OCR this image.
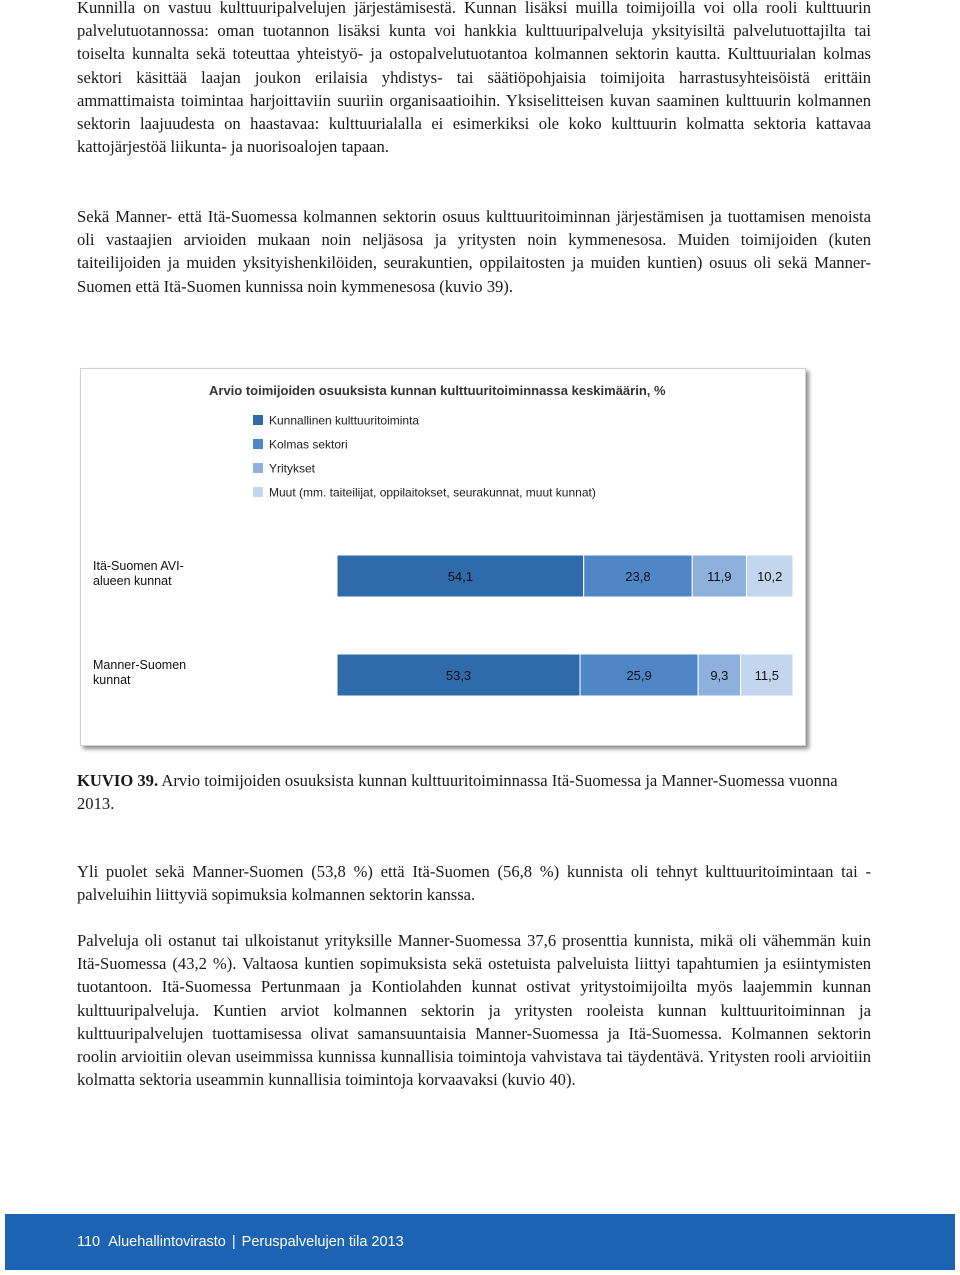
Kunnilla on vastuu kulttuuripalvelujen järjestämisestä. Kunnan lisäksi muilla toimijoilla voi olla rooli kulttuurin palvelutuotannossa: oman tuotannon lisäksi kunta voi hankkia kulttuuripalveluja yksityisiltä palvelutuottajilta tai toiselta kunnalta sekä toteuttaa yhteistyö- ja ostopalvelutuotantoa kolmannen sektorin kautta. Kulttuurialan kolmas sektori käsittää laajan joukon erilaisia yhdistys- tai säätiöpohjaisia toimijoita harrastusyhteisöistä erittäin ammattimaista toimintaa harjoittaviin suuriin organisaatioihin. Yksiselitteisen kuvan saaminen kulttuurin kolmannen sektorin laajuudesta on haastavaa: kulttuurialalla ei esimerkiksi ole koko kulttuurin kolmatta sektoria kattavaa kattojärjestöä liikunta- ja nuorisoalojen tapaan.

Sekä Manner- että Itä-Suomessa kolmannen sektorin osuus kulttuuritoiminnan järjestämisen ja tuottamisen menoista oli vastaajien arvioiden mukaan noin neljäsosa ja yritysten noin kymmenesosa. Muiden toimijoiden (kuten taiteilijoiden ja muiden yksityishenkilöiden, seurakuntien, oppilaitosten ja muiden kuntien) osuus oli sekä Manner-Suomen että Itä-Suomen kunnissa noin kymmenesosa (kuvio 39).

Arvio toimijoiden osuuksista kunnan kulttuuritoiminnassa keskimäärin, %
Kunnallinen kulttuuritoiminta
Kolmas sektori
Yritykset
Muut (mm. taiteilijat, oppilaitokset, seurakunnat, muut kunnat)
Itä-Suomen AVI-
alueen kunnat	54,1	23,8	11,9 10,2
Manner-Suomen
kunnat	53,3	25,9	9,3 11,5

KUVIO 39. Arvio toimijoiden osuuksista kunnan kulttuuritoiminnassa Itä-Suomessa ja Manner-Suomessa vuonna 2013.

Yli puolet sekä Manner-Suomen (53,8 %) että Itä-Suomen (56,8 %) kunnista oli tehnyt kulttuuritoimintaan tai -palveluihin liittyviä sopimuksia kolmannen sektorin kanssa.

Palveluja oli ostanut tai ulkoistanut yrityksille Manner-Suomessa 37,6 prosenttia kunnista, mikä oli vähemmän kuin Itä-Suomessa (43,2 %). Valtaosa kuntien sopimuksista sekä ostetuista palveluista liittyi tapahtumien ja esiintymisten tuotantoon. Itä-Suomessa Pertunmaan ja Kontiolahden kunnat ostivat yritystoimijoilta myös laajemmin kunnan kulttuuripalveluja. Kuntien arviot kolmannen sektorin ja yritysten rooleista kunnan kulttuuritoiminnan ja kulttuuripalvelujen tuottamisessa olivat samansuuntaisia Manner-Suomessa ja Itä-Suomessa. Kolmannen sektorin roolin arvioitiin olevan useimmissa kunnissa kunnallisia toimintoja vahvistava tai täydentävä. Yritysten rooli arvioitiin kolmatta sektoria useammin kunnallisia toimintoja korvaavaksi (kuvio 40).

110 Aluehallintovirasto | Peruspalvelujen tila 2013
